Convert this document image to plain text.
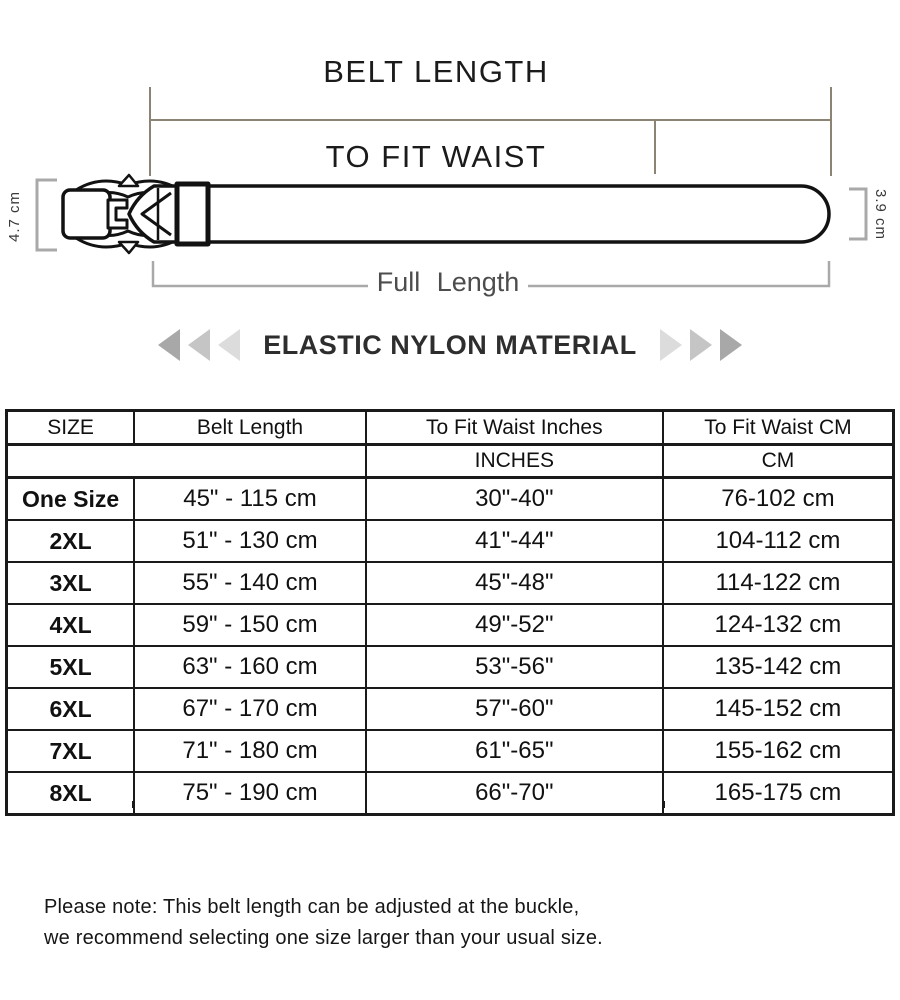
BELT LENGTH
TO FIT WAIST
4.7 cm	3.9 cm
Full Length
ELASTIC NYLON MATERIAL
SIZE	Belt Length	To Fit Waist Inches	To Fit Waist CM
		INCHES	CM
One Size	45" - 115 cm	30"-40"	76-102 cm
2XL	51" - 130 cm	41"-44"	104-112 cm
3XL	55" - 140 cm	45"-48"	114-122 cm
4XL	59" - 150 cm	49"-52"	124-132 cm
5XL	63" - 160 cm	53"-56"	135-142 cm
6XL	67" - 170 cm	57"-60"	145-152 cm
7XL	71" - 180 cm	61"-65"	155-162 cm
8XL	75" - 190 cm	66"-70"	165-175 cm
Please note: This belt length can be adjusted at the buckle,
we recommend selecting one size larger than your usual size.
